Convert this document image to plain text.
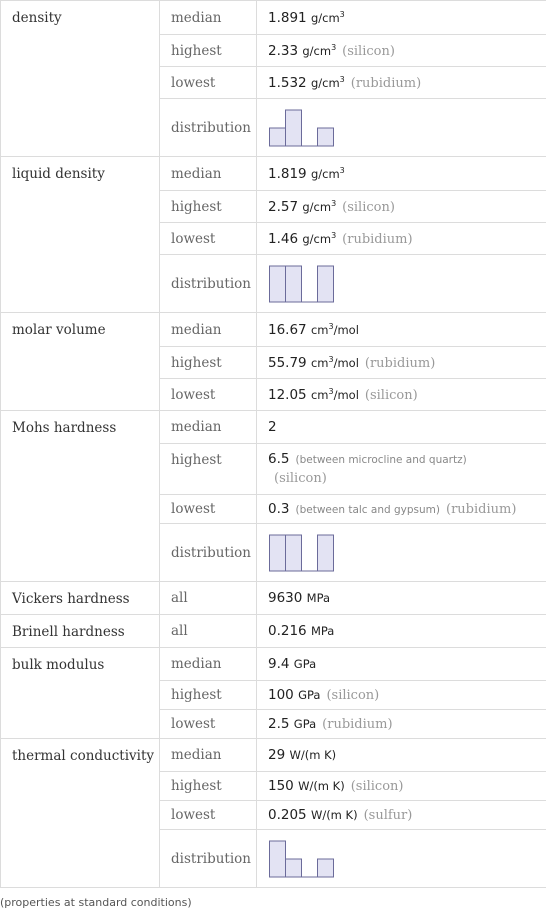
density	median	1.891 $g/cm^3$
	highest	2.33 $g/cm^3$ (silicon)
	lowest	1.532 $g/cm^3$ (rubidium)
	distribution	

liquid density	median	1.819 $g/cm^3$
	highest	2.57 $g/cm^3$ (silicon)
	lowest	1.46 $g/cm^3$ (rubidium)
	distribution	

molar volume	median	16.67 $cm^3$/mol
	highest	55.79 $cm^3$/mol (rubidium)
	lowest	12.05 $cm^3$/mol (silicon)
Mohs hardness	median	2
	highest	6.5 (between microcline and quartz)
(silicon)
	lowest	0.3 (between talc and gypsum) (rubidium)
	distribution	

Vickers hardness	all	9630 MPa
Brinell hardness	all	0.216 MPa
bulk modulus	median	9.4 GPa
	highest	100 GPa (silicon)
	lowest	2.5 GPa (rubidium)
thermal conductivity	median	29 W/(m K)
	highest	150 W/(m K) (silicon)
	lowest	0.205 W/(m K) (sulfur)
	distribution	
(properties at standard conditions)
